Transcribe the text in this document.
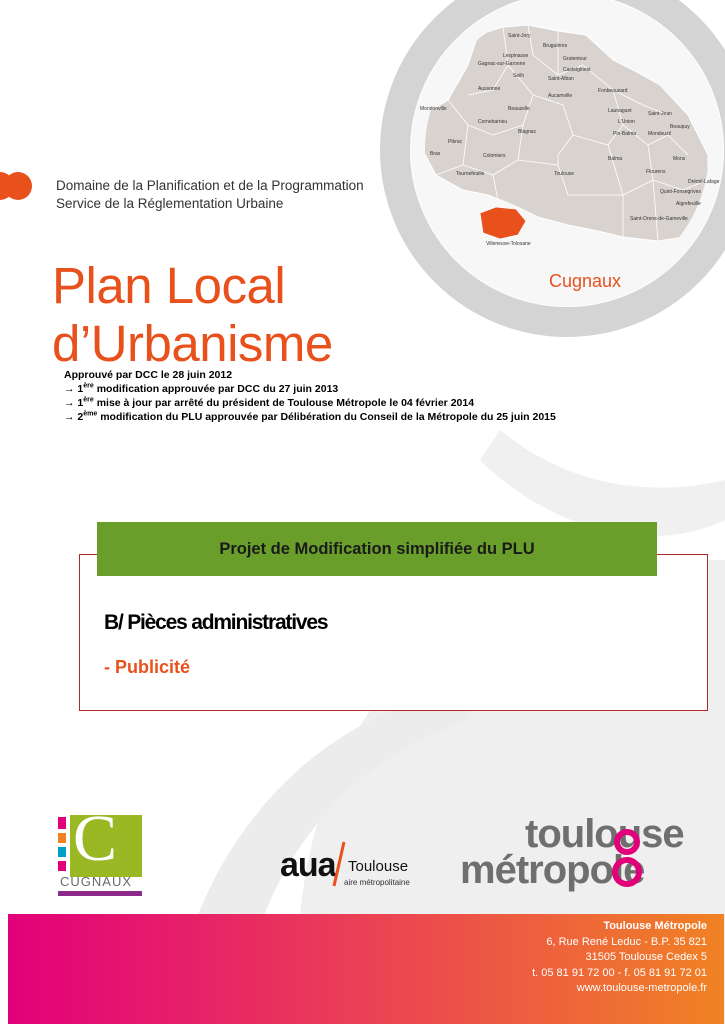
Domaine de la Planification et de la Programmation
Service de la Réglementation Urbaine
Plan Local
d’Urbanisme
Saint-Jory
Bruguières
Lespinasse	Gratentour
Gagnac-sur-Garonne
Castelginest
Seilh	Saint-Alban
Aussonne	Fonbeauzard
Aucamville
Mondonville	Beauzelle	Launaguet	Saint-Jean
Cornebarrieu
Blagnac
L'Union
Beaupuy
Mondouzil
Pin-Balma
Brax
Pibrac
Colomiers	Balma	Mons
Tournefeuille	Toulouse	Flourens
Drémil-Lafage
Quint-Fonsegrives
Aigrefeuille
Saint-Orens-de-Gameville
Villeneuve-Tolosane
Cugnaux
Approuvé par DCC le 28 juin 2012
→ 1ère modification approuvée par DCC du 27 juin 2013
→ 1ère mise à jour par arrêté du président de Toulouse Métropole le 04 février 2014
→ 2ème modification du PLU approuvée par Délibération du Conseil de la Métropole du 25 juin 2015
Projet de Modification simplifiée du PLU
B/ Pièces administratives
- Publicité
C
CUGNAUX	aua Toulouse
aire métropolitaine
toulouse
métropole
Toulouse Métropole
6, Rue René Leduc - B.P. 35 821
31505 Toulouse Cedex 5
t. 05 81 91 72 00 - f. 05 81 91 72 01
www.toulouse-metropole.fr
